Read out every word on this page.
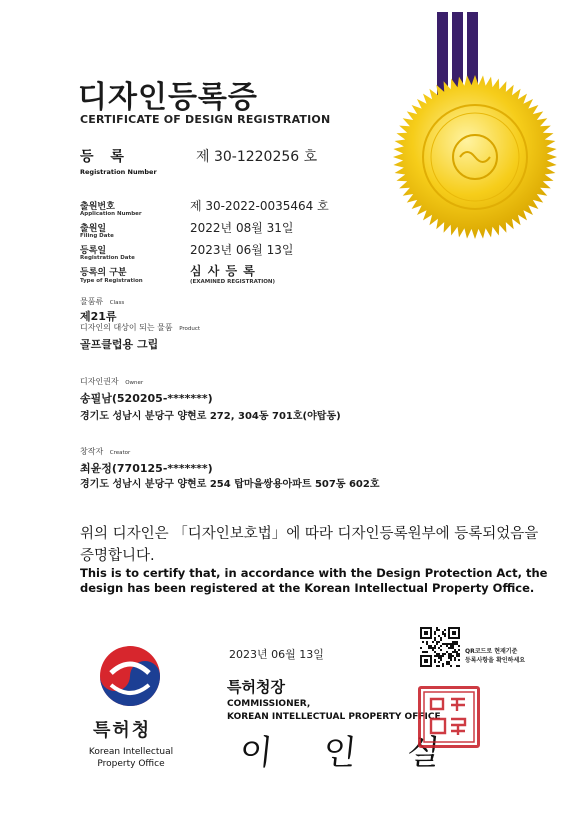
디자인등록증
CERTIFICATE OF DESIGN REGISTRATION
등 록
Registration Number
제 30-1220256 호
출원번호
Application Number
제 30-2022-0035464 호
출원일
Filing Date
2022년 08월 31일
등록일
Registration Date
2023년 06월 13일
등록의 구분
Type of Registration
심 사 등 록
(EXAMINED REGISTRATION)
물품류 Class
제21류
디자인의 대상이 되는 물품 Product
골프클럽용 그립
디자인권자 Owner
송필남(520205-*******)
경기도 성남시 분당구 양현로 272, 304동 701호(야탑동)
창작자 Creator
최윤정(770125-*******)
경기도 성남시 분당구 양현로 254 탑마을쌍용아파트 507동 602호
위의 디자인은 「디자인보호법」에 따라 디자인등록원부에 등록되었음을 증명합니다.
This is to certify that, in accordance with the Design Protection Act, the design has been registered at the Korean Intellectual Property Office.
특허청
Korean Intellectual
Property Office
2023년 06월 13일	QR코드로 현재기준
등록사항을 확인하세요
특허청장
COMMISSIONER,
KOREAN INTELLECTUAL PROPERTY OFFICE
이 인 실
